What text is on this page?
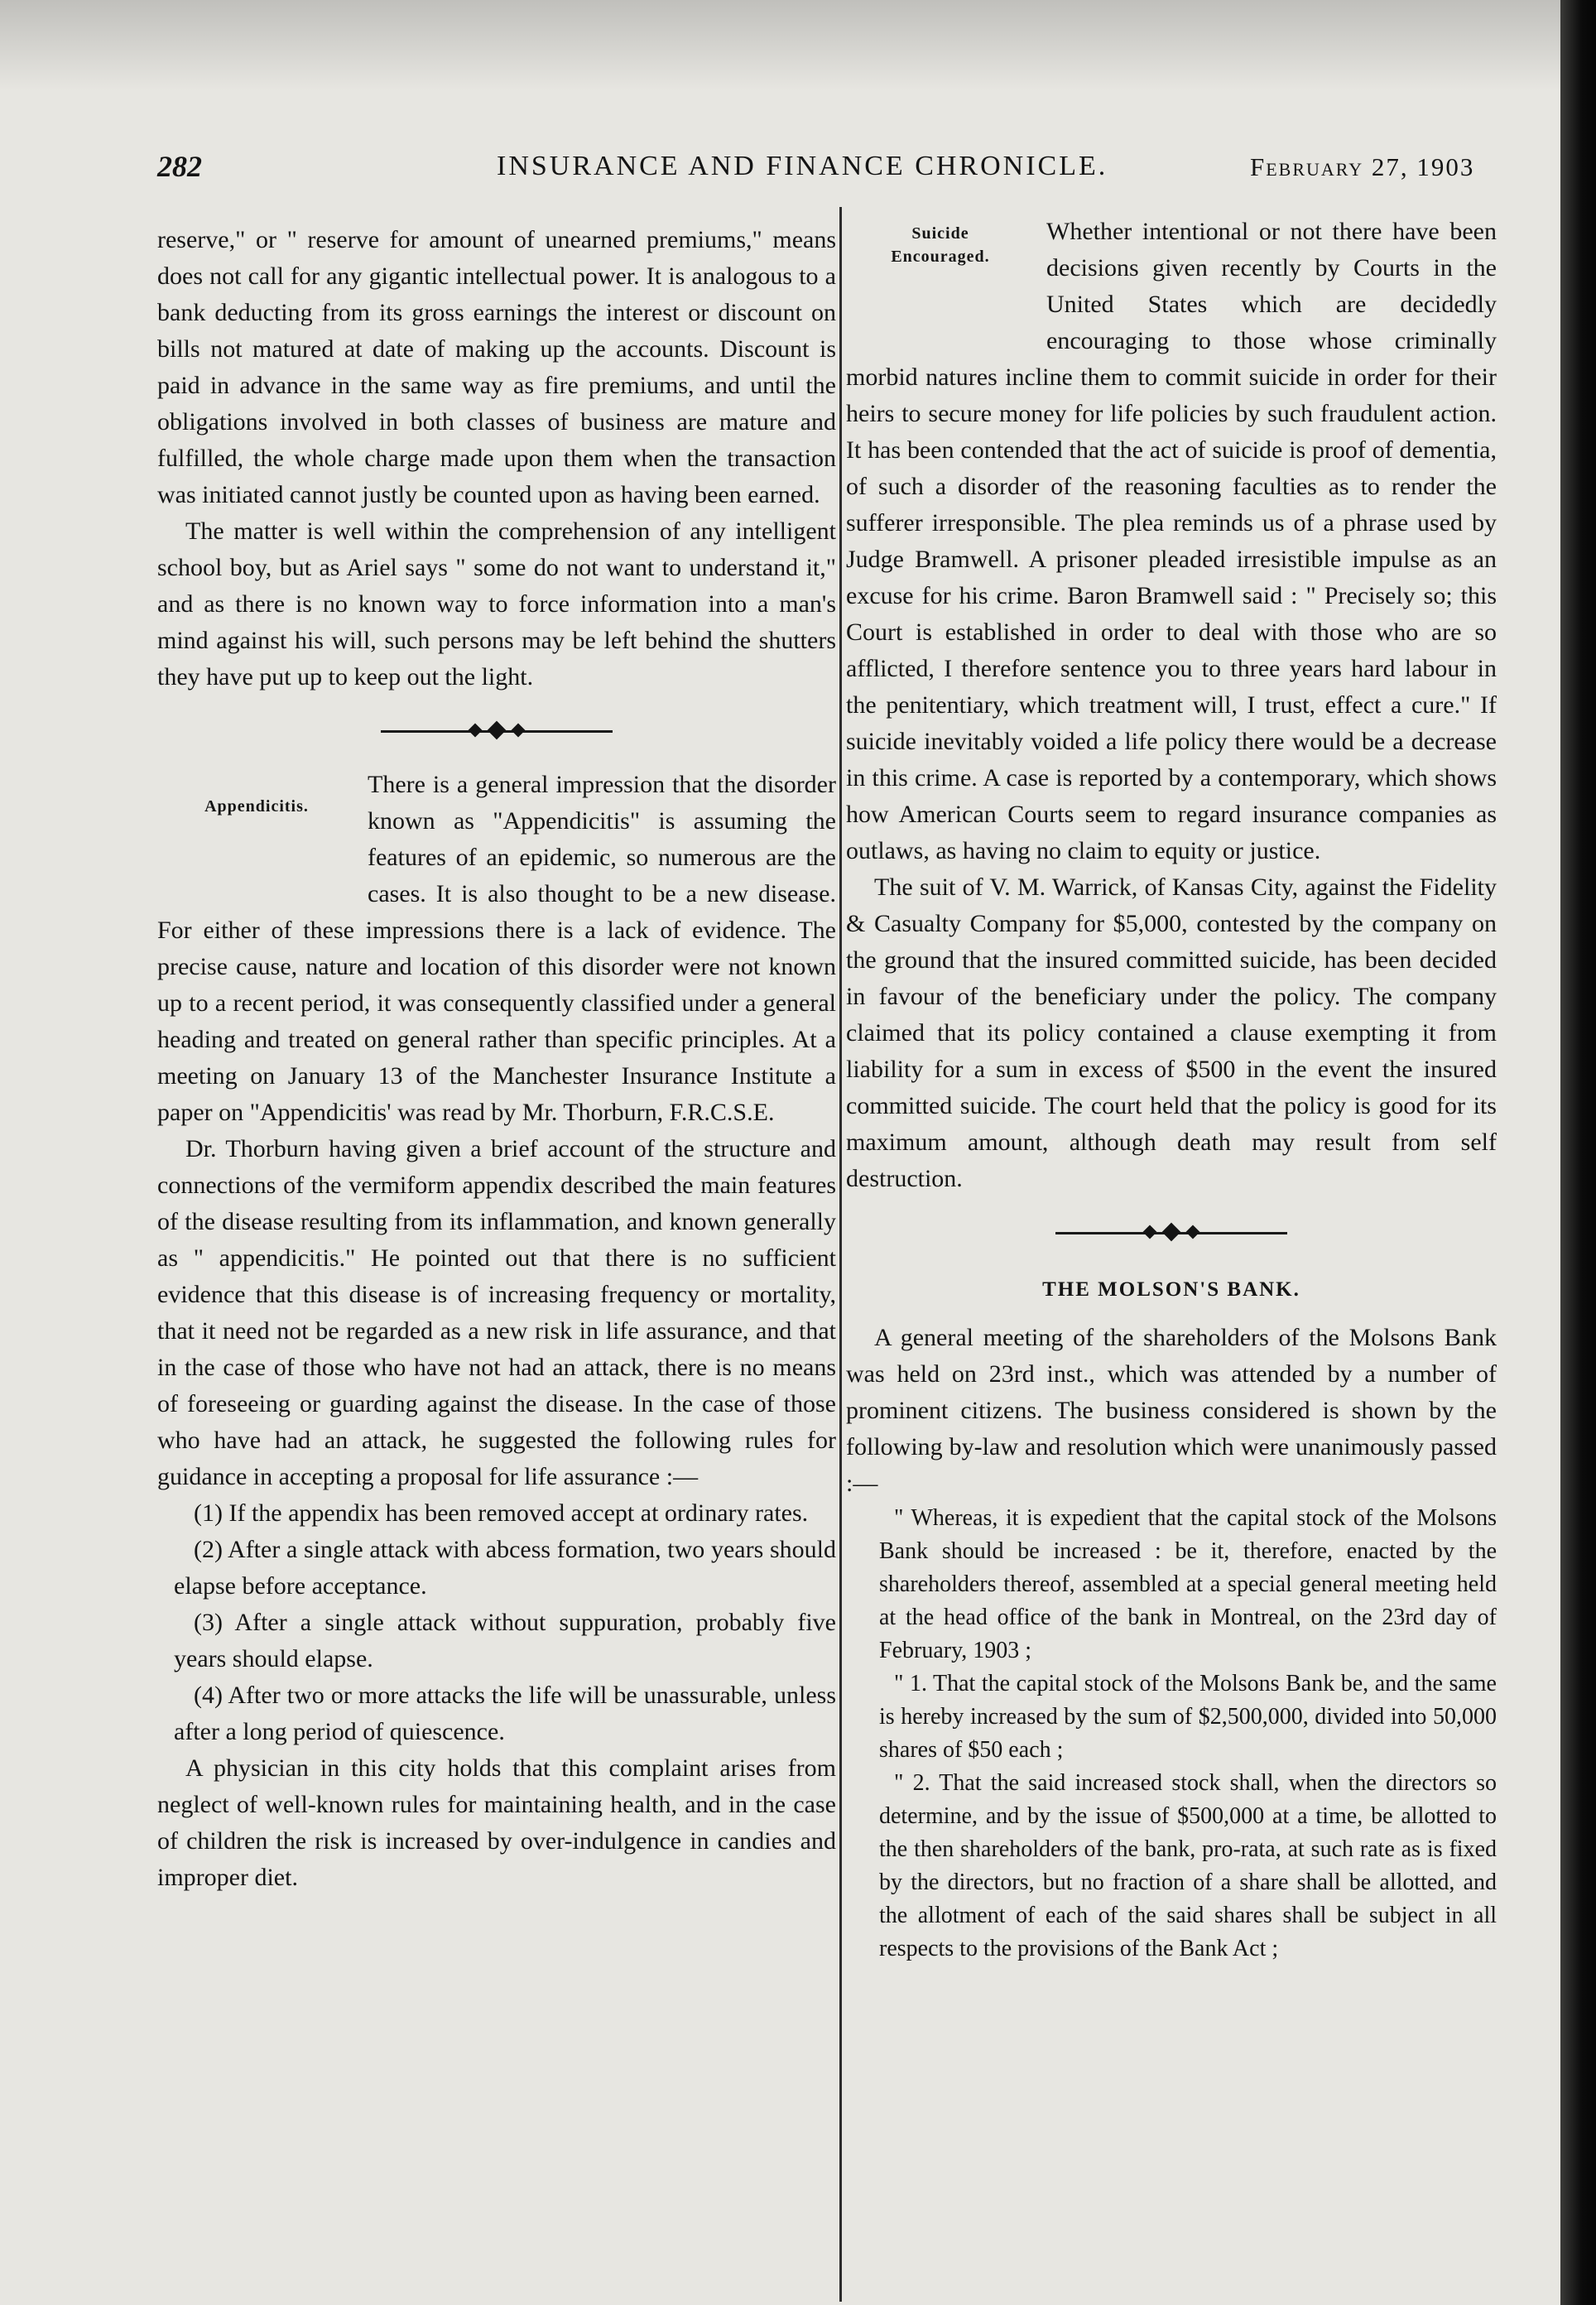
282	INSURANCE AND FINANCE CHRONICLE.	February 27, 1903

reserve," or " reserve for amount of unearned premiums," means does not call for any gigantic intellectual power. It is analogous to a bank deducting from its gross earnings the interest or discount on bills not matured at date of making up the accounts. Discount is paid in advance in the same way as fire premiums, and until the obligations involved in both classes of business are mature and fulfilled, the whole charge made upon them when the transaction was initiated cannot justly be counted upon as having been earned.

The matter is well within the comprehension of any intelligent school boy, but as Ariel says " some do not want to understand it," and as there is no known way to force information into a man's mind against his will, such persons may be left behind the shutters they have put up to keep out the light.

Appendicitis.

There is a general impression that the disorder known as "Appendicitis" is assuming the features of an epidemic, so numerous are the cases. It is also thought to be a new disease. For either of these impressions there is a lack of evidence. The precise cause, nature and location of this disorder were not known up to a recent period, it was consequently classified under a general heading and treated on general rather than specific principles. At a meeting on January 13 of the Manchester Insurance Institute a paper on "Appendicitis' was read by Mr. Thorburn, F.R.C.S.E.

Dr. Thorburn having given a brief account of the structure and connections of the vermiform appendix described the main features of the disease resulting from its inflammation, and known generally as " appendicitis." He pointed out that there is no sufficient evidence that this disease is of increasing frequency or mortality, that it need not be regarded as a new risk in life assurance, and that in the case of those who have not had an attack, there is no means of foreseeing or guarding against the disease. In the case of those who have had an attack, he suggested the following rules for guidance in accepting a proposal for life assurance :—

(1) If the appendix has been removed accept at ordinary rates.

(2) After a single attack with abcess formation, two years should elapse before acceptance.

(3) After a single attack without suppuration, probably five years should elapse.

(4) After two or more attacks the life will be unassurable, unless after a long period of quiescence.

A physician in this city holds that this complaint arises from neglect of well-known rules for maintaining health, and in the case of children the risk is increased by over-indulgence in candies and improper diet.

Suicide
Encouraged.

Whether intentional or not there have been decisions given recently by Courts in the United States which are decidedly encouraging to those whose criminally morbid natures incline them to commit suicide in order for their heirs to secure money for life policies by such fraudulent action. It has been contended that the act of suicide is proof of dementia, of such a disorder of the reasoning faculties as to render the sufferer irresponsible. The plea reminds us of a phrase used by Judge Bramwell. A prisoner pleaded irresistible impulse as an excuse for his crime. Baron Bramwell said : " Precisely so; this Court is established in order to deal with those who are so afflicted, I therefore sentence you to three years hard labour in the penitentiary, which treatment will, I trust, effect a cure." If suicide inevitably voided a life policy there would be a decrease in this crime. A case is reported by a contemporary, which shows how American Courts seem to regard insurance companies as outlaws, as having no claim to equity or justice.

The suit of V. M. Warrick, of Kansas City, against the Fidelity & Casualty Company for $5,000, contested by the company on the ground that the insured committed suicide, has been decided in favour of the beneficiary under the policy. The company claimed that its policy contained a clause exempting it from liability for a sum in excess of $500 in the event the insured committed suicide. The court held that the policy is good for its maximum amount, although death may result from self destruction.

THE MOLSON'S BANK.

A general meeting of the shareholders of the Molsons Bank was held on 23rd inst., which was attended by a number of prominent citizens. The business considered is shown by the following by-law and resolution which were unanimously passed :—

" Whereas, it is expedient that the capital stock of the Molsons Bank should be increased : be it, therefore, enacted by the shareholders thereof, assembled at a special general meeting held at the head office of the bank in Montreal, on the 23rd day of February, 1903 ;

" 1. That the capital stock of the Molsons Bank be, and the same is hereby increased by the sum of $2,500,000, divided into 50,000 shares of $50 each ;

" 2. That the said increased stock shall, when the directors so determine, and by the issue of $500,000 at a time, be allotted to the then shareholders of the bank, pro-rata, at such rate as is fixed by the directors, but no fraction of a share shall be allotted, and the allotment of each of the said shares shall be subject in all respects to the provisions of the Bank Act ;
